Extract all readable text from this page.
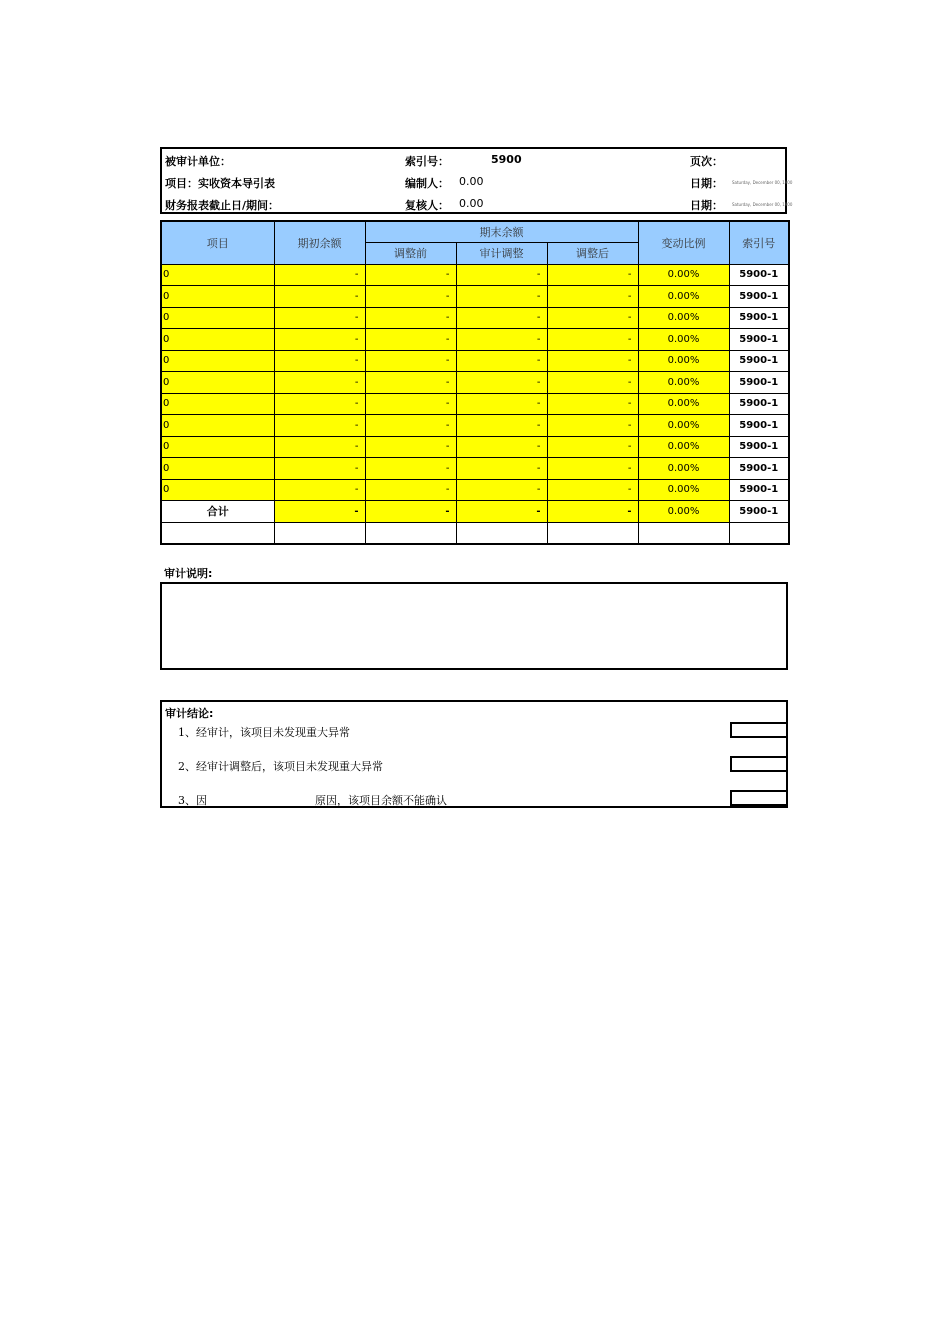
被审计单位：	索引号：	5900	页次：
项目：实收资本导引表	编制人： 0.00	日期： Saturday, December 00, 1900
财务报表截止日/期间：	复核人： 0.00	日期： Saturday, December 00, 1900
项目	期初余额	期末余额			变动比例	索引号
		调整前	审计调整	调整后		
0	-	-	-	-	0.00%	5900-1
0	-	-	-	-	0.00%	5900-1
0	-	-	-	-	0.00%	5900-1
0	-	-	-	-	0.00%	5900-1
0	-	-	-	-	0.00%	5900-1
0	-	-	-	-	0.00%	5900-1
0	-	-	-	-	0.00%	5900-1
0	-	-	-	-	0.00%	5900-1
0	-	-	-	-	0.00%	5900-1
0	-	-	-	-	0.00%	5900-1
0	-	-	-	-	0.00%	5900-1
合计	-	-	-	-	0.00%	5900-1

审计说明:
审计结论:
1、经审计，该项目未发现重大异常
2、经审计调整后，该项目未发现重大异常
3、因	原因，该项目余额不能确认
